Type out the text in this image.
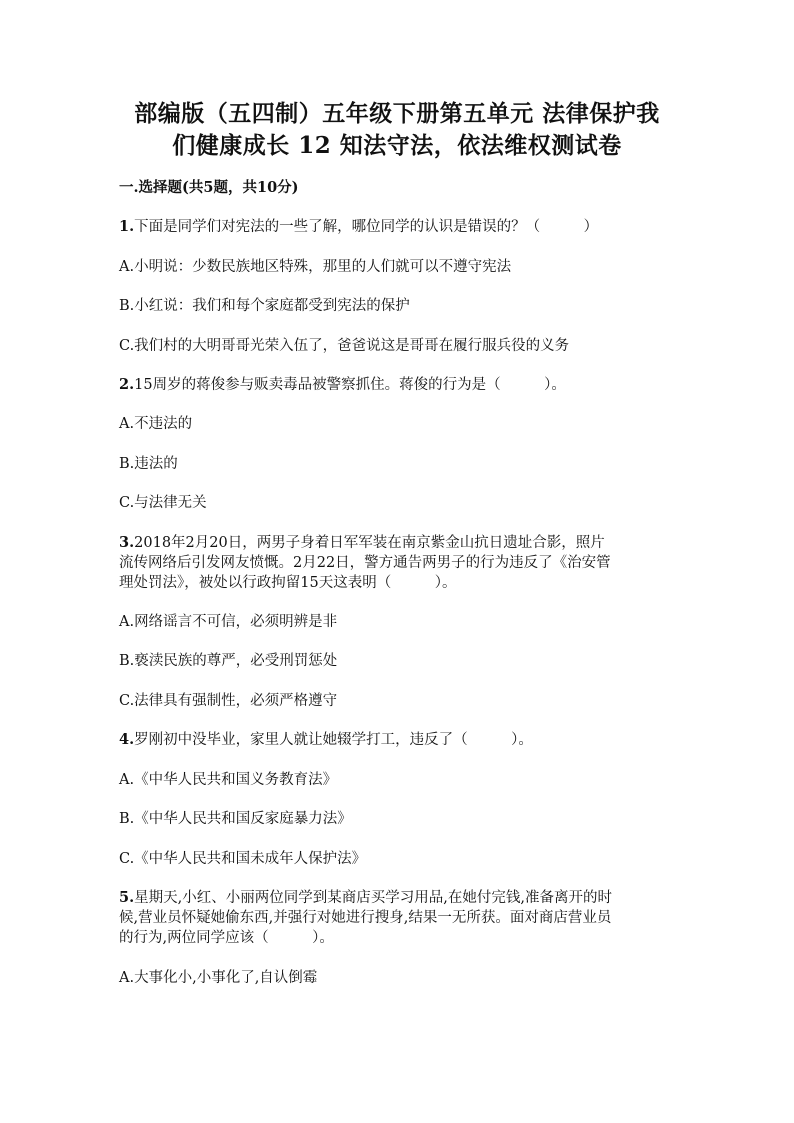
部编版（五四制）五年级下册第五单元 法律保护我
们健康成长 12 知法守法，依法维权测试卷
一.选择题(共5题，共10分)
1.下面是同学们对宪法的一些了解，哪位同学的认识是错误的？（　　　）
A.小明说：少数民族地区特殊，那里的人们就可以不遵守宪法
B.小红说：我们和每个家庭都受到宪法的保护
C.我们村的大明哥哥光荣入伍了，爸爸说这是哥哥在履行服兵役的义务
2.15周岁的蒋俊参与贩卖毒品被警察抓住。蒋俊的行为是（　　　）。
A.不违法的
B.违法的
C.与法律无关
3.2018年2月20日，两男子身着日军军装在南京紫金山抗日遗址合影，照片
流传网络后引发网友愤慨。2月22日，警方通告两男子的行为违反了《治安管
理处罚法》，被处以行政拘留15天这表明（　　　）。
A.网络谣言不可信，必须明辨是非
B.亵渎民族的尊严，必受刑罚惩处
C.法律具有强制性，必须严格遵守
4.罗刚初中没毕业，家里人就让她辍学打工，违反了（　　　）。
A.《中华人民共和国义务教育法》
B.《中华人民共和国反家庭暴力法》
C.《中华人民共和国未成年人保护法》
5.星期天,小红、小丽两位同学到某商店买学习用品,在她付完钱,准备离开的时
候,营业员怀疑她偷东西,并强行对她进行搜身,结果一无所获。面对商店营业员
的行为,两位同学应该（　　　）。
A.大事化小,小事化了,自认倒霉
